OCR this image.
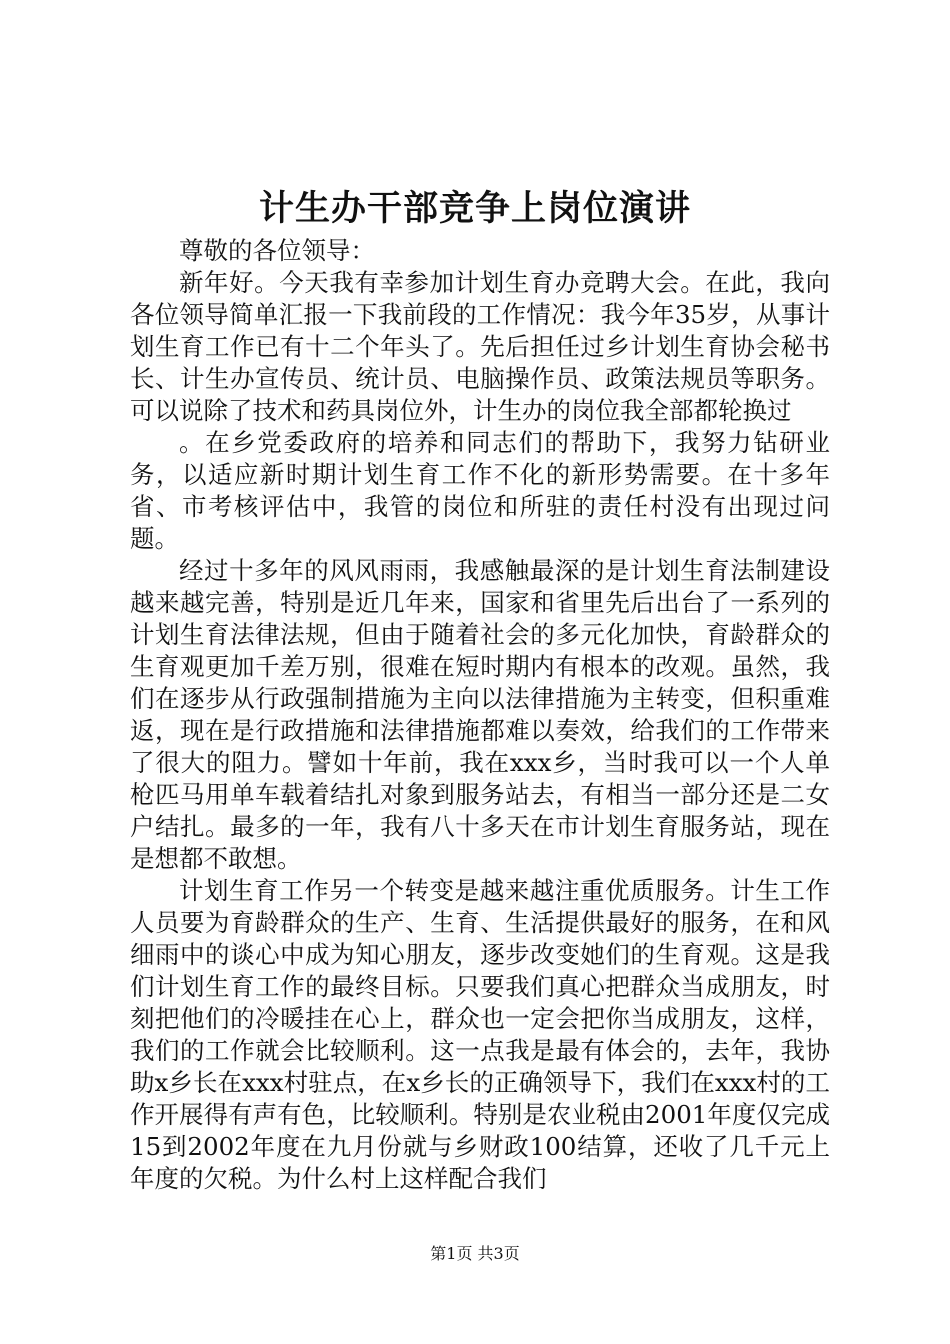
计生办干部竞争上岗位演讲

尊敬的各位领导：

新年好。今天我有幸参加计划生育办竞聘大会。在此，我向各位领导简单汇报一下我前段的工作情况：我今年35岁，从事计划生育工作已有十二个年头了。先后担任过乡计划生育协会秘书长、计生办宣传员、统计员、电脑操作员、政策法规员等职务。可以说除了技术和药具岗位外，计生办的岗位我全部都轮换过

。在乡党委政府的培养和同志们的帮助下，我努力钻研业务，以适应新时期计划生育工作不化的新形势需要。在十多年省、市考核评估中，我管的岗位和所驻的责任村没有出现过问题。

经过十多年的风风雨雨，我感触最深的是计划生育法制建设越来越完善，特别是近几年来，国家和省里先后出台了一系列的计划生育法律法规，但由于随着社会的多元化加快，育龄群众的生育观更加千差万别，很难在短时期内有根本的改观。虽然，我们在逐步从行政强制措施为主向以法律措施为主转变，但积重难返，现在是行政措施和法律措施都难以奏效，给我们的工作带来了很大的阻力。譬如十年前，我在xxx乡，当时我可以一个人单枪匹马用单车载着结扎对象到服务站去，有相当一部分还是二女户结扎。最多的一年，我有八十多天在市计划生育服务站，现在是想都不敢想。

计划生育工作另一个转变是越来越注重优质服务。计生工作人员要为育龄群众的生产、生育、生活提供最好的服务，在和风细雨中的谈心中成为知心朋友，逐步改变她们的生育观。这是我们计划生育工作的最终目标。只要我们真心把群众当成朋友，时刻把他们的冷暖挂在心上，群众也一定会把你当成朋友，这样，我们的工作就会比较顺利。这一点我是最有体会的，去年，我协助x乡长在xxx村驻点，在x乡长的正确领导下，我们在xxx村的工作开展得有声有色，比较顺利。特别是农业税由2001年度仅完成15到2002年度在九月份就与乡财政100结算，还收了几千元上年度的欠税。为什么村上这样配合我们

第1页 共3页
